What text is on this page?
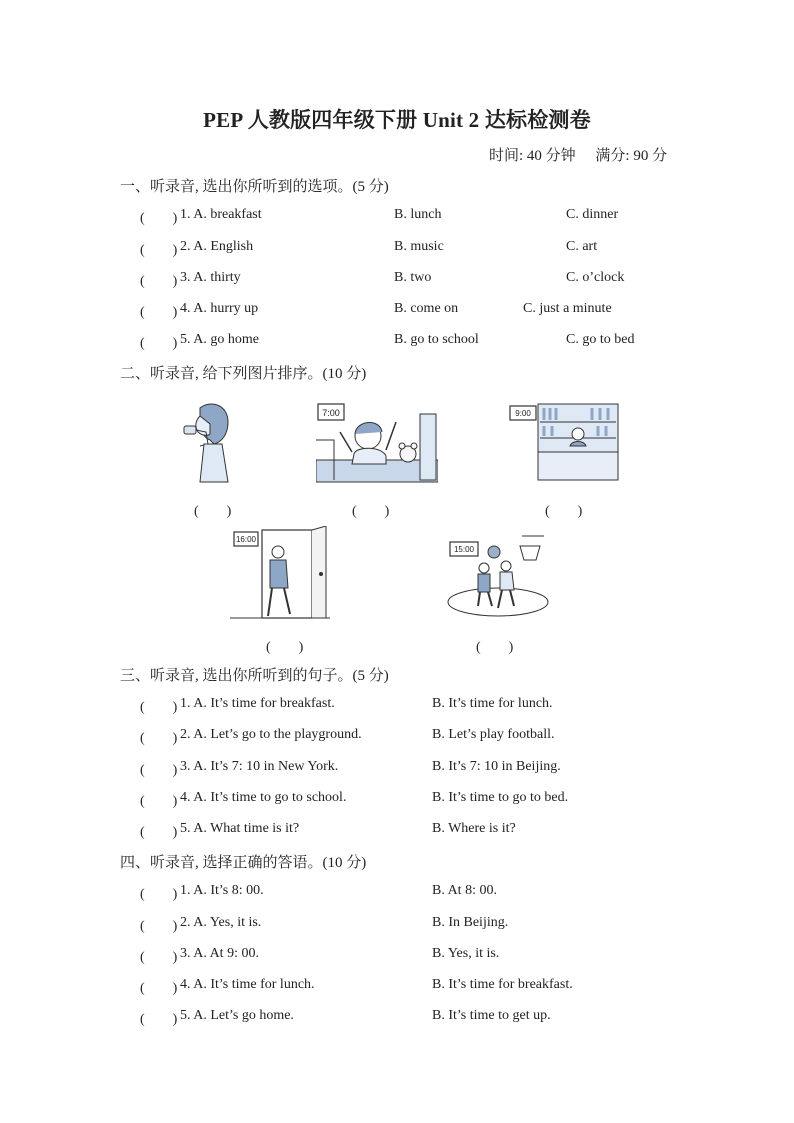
PEP 人教版四年级下册 Unit 2 达标检测卷
时间: 40 分钟 满分: 90 分
一、听录音, 选出你所听到的选项。(5 分)
(　　) 1. A. breakfast	B. lunch	C. dinner
(　　) 2. A. English	B. music	C. art
(　　) 3. A. thirty	B. two	C. o’clock
(　　) 4. A. hurry up	B. come on	C. just a minute
(　　) 5. A. go home	B. go to school	C. go to bed
二、听录音, 给下列图片排序。(10 分)
(　　)
7:00
(　　)
9:00
(　　)
16:00
(　　)
15:00
(　　)
三、听录音, 选出你所听到的句子。(5 分)
(　　) 1. A. It’s time for breakfast.	B. It’s time for lunch.
(　　) 2. A. Let’s go to the playground.	B. Let’s play football.
(　　) 3. A. It’s 7: 10 in New York.	B. It’s 7: 10 in Beijing.
(　　) 4. A. It’s time to go to school.	B. It’s time to go to bed.
(　　) 5. A. What time is it?	B. Where is it?
四、听录音, 选择正确的答语。(10 分)
(　　) 1. A. It’s 8: 00.	B. At 8: 00.
(　　) 2. A. Yes, it is.	B. In Beijing.
(　　) 3. A. At 9: 00.	B. Yes, it is.
(　　) 4. A. It’s time for lunch.	B. It’s time for breakfast.
(　　) 5. A. Let’s go home.	B. It’s time to get up.
